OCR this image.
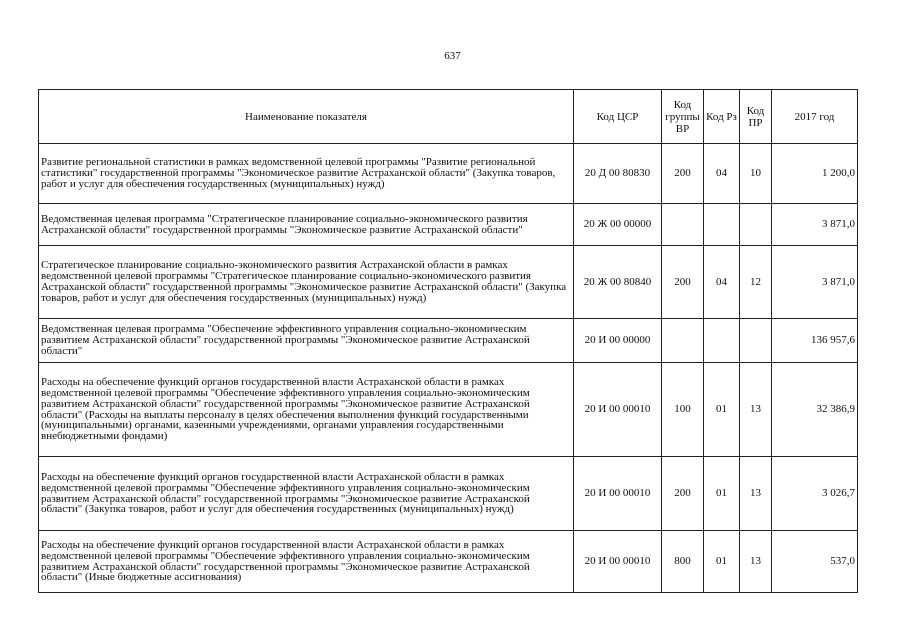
637
Наименование показателя	Код ЦСР	Код группы ВР	Код Рз	Код ПР	2017 год
Развитие региональной статистики в рамках ведомственной целевой программы "Развитие региональной статистики" государственной программы "Экономическое развитие Астраханской области" (Закупка товаров, работ и услуг для обеспечения государственных (муниципальных) нужд)	20 Д 00 80830	200	04	10	1 200,0
Ведомственная целевая программа "Стратегическое планирование социально-экономического развития Астраханской области" государственной программы "Экономическое развитие Астраханской области"	20 Ж 00 00000				3 871,0
Стратегическое планирование социально-экономического развития Астраханской области в рамках ведомственной целевой программы "Стратегическое планирование социально-экономического развития Астраханской области" государственной программы "Экономическое развитие Астраханской области" (Закупка товаров, работ и услуг для обеспечения государственных (муниципальных) нужд)	20 Ж 00 80840	200	04	12	3 871,0
Ведомственная целевая программа "Обеспечение эффективного управления социально-экономическим развитием Астраханской области" государственной программы "Экономическое развитие Астраханской области"	20 И 00 00000				136 957,6
Расходы на обеспечение функций органов государственной власти Астраханской области в рамках ведомственной целевой программы "Обеспечение эффективного управления социально-экономическим развитием Астраханской области" государственной программы "Экономическое развитие Астраханской области" (Расходы на выплаты персоналу в целях обеспечения выполнения функций государственными (муниципальными) органами, казенными учреждениями, органами управления государственными внебюджетными фондами)	20 И 00 00010	100	01	13	32 386,9
Расходы на обеспечение функций органов государственной власти Астраханской области в рамках ведомственной целевой программы "Обеспечение эффективного управления социально-экономическим развитием Астраханской области" государственной программы "Экономическое развитие Астраханской области" (Закупка товаров, работ и услуг для обеспечения государственных (муниципальных) нужд)	20 И 00 00010	200	01	13	3 026,7
Расходы на обеспечение функций органов государственной власти Астраханской области в рамках ведомственной целевой программы "Обеспечение эффективного управления социально-экономическим развитием Астраханской области" государственной программы "Экономическое развитие Астраханской области" (Иные бюджетные ассигнования)	20 И 00 00010	800	01	13	537,0
